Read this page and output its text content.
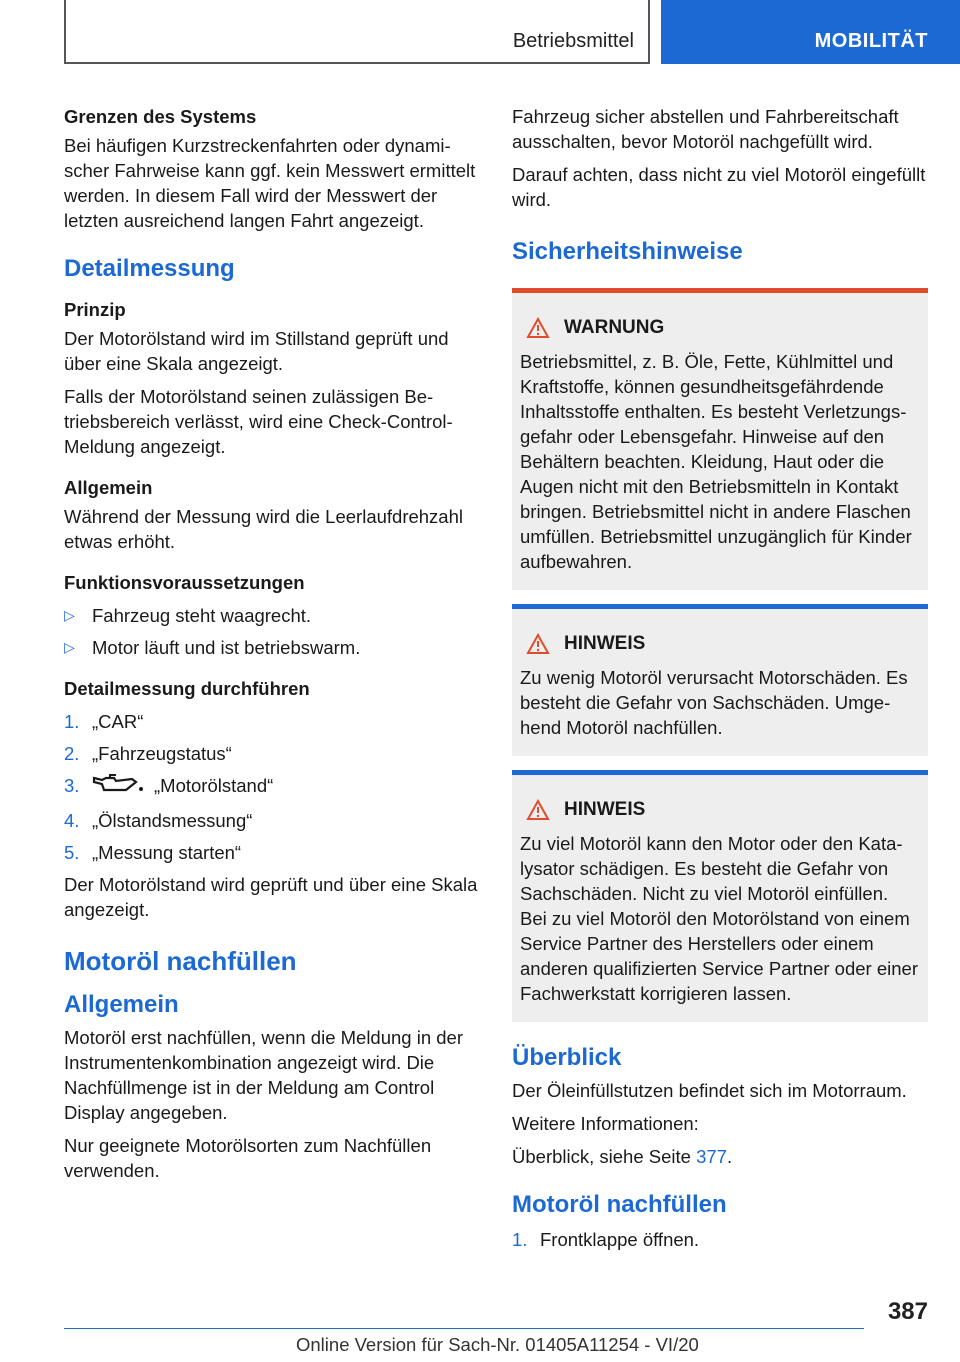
Betriebsmittel	MOBILITÄT
Grenzen des Systems

Bei häufigen Kurzstreckenfahrten oder dynamischer Fahrweise kann ggf. kein Messwert ermittelt werden. In diesem Fall wird der Messwert der letzten ausreichend langen Fahrt angezeigt.

Detailmessung
Prinzip

Der Motorölstand wird im Stillstand geprüft und über eine Skala angezeigt.

Falls der Motorölstand seinen zulässigen Betriebsbereich verlässt, wird eine Check-Control-Meldung angezeigt.

Allgemein

Während der Messung wird die Leerlaufdrehzahl etwas erhöht.

Funktionsvoraussetzungen
▷ Fahrzeug steht waagrecht.
▷ Motor läuft und ist betriebswarm.
Detailmessung durchführen
1. „CAR“
2. „Fahrzeugstatus“
3.	„Motorölstand“
4. „Ölstandsmessung“
5. „Messung starten“

Der Motorölstand wird geprüft und über eine Skala angezeigt.

Motoröl nachfüllen
Allgemein

Motoröl erst nachfüllen, wenn die Meldung in der Instrumentenkombination angezeigt wird. Die Nachfüllmenge ist in der Meldung am Control Display angegeben.

Nur geeignete Motorölsorten zum Nachfüllen verwenden.

Fahrzeug sicher abstellen und Fahrbereitschaft ausschalten, bevor Motoröl nachgefüllt wird.

Darauf achten, dass nicht zu viel Motoröl eingefüllt wird.

Sicherheitshinweise
WARNUNG

Betriebsmittel, z. B. Öle, Fette, Kühlmittel und Kraftstoffe, können gesundheitsgefährdende Inhaltsstoffe enthalten. Es besteht Verletzungsgefahr oder Lebensgefahr. Hinweise auf den Behältern beachten. Kleidung, Haut oder die Augen nicht mit den Betriebsmitteln in Kontakt bringen. Betriebsmittel nicht in andere Flaschen umfüllen. Betriebsmittel unzugänglich für Kinder aufbewahren.

HINWEIS

Zu wenig Motoröl verursacht Motorschäden. Es besteht die Gefahr von Sachschäden. Umgehend Motoröl nachfüllen.

HINWEIS

Zu viel Motoröl kann den Motor oder den Katalysator schädigen. Es besteht die Gefahr von Sachschäden. Nicht zu viel Motoröl einfüllen. Bei zu viel Motoröl den Motorölstand von einem Service Partner des Herstellers oder einem anderen qualifizierten Service Partner oder einer Fachwerkstatt korrigieren lassen.

Überblick

Der Öleinfüllstutzen befindet sich im Motorraum.

Weitere Informationen:

Überblick, siehe Seite 377.

Motoröl nachfüllen
1. Frontklappe öffnen.
387
Online Version für Sach-Nr. 01405A11254 - VI/20
